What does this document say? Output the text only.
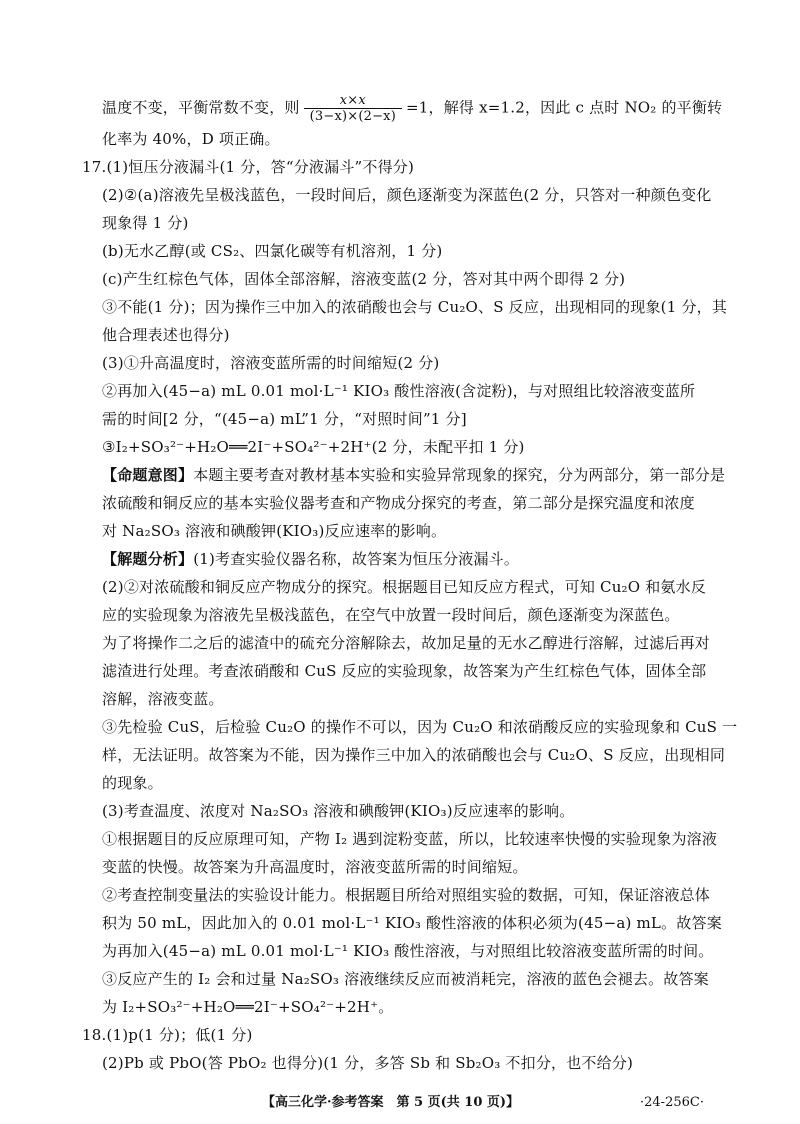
温度不变，平衡常数不变，则 $\frac{x\times x}{(3-x)\times(2-x)} =1$，解得 x=1.2，因此 c 点时 NO₂ 的平衡转
化率为 40%，D 项正确。
17.(1)恒压分液漏斗(1 分，答“分液漏斗”不得分)
(2)②(a)溶液先呈极浅蓝色，一段时间后，颜色逐渐变为深蓝色(2 分，只答对一种颜色变化
现象得 1 分)
(b)无水乙醇(或 CS₂、四氯化碳等有机溶剂，1 分)
(c)产生红棕色气体，固体全部溶解，溶液变蓝(2 分，答对其中两个即得 2 分)
③不能(1 分)；因为操作三中加入的浓硝酸也会与 Cu₂O、S 反应，出现相同的现象(1 分，其
他合理表述也得分)
(3)①升高温度时，溶液变蓝所需的时间缩短(2 分)
②再加入(45−a) mL 0.01 mol·L⁻¹ KIO₃ 酸性溶液(含淀粉)，与对照组比较溶液变蓝所
需的时间[2 分，“(45−a) mL”1 分，“对照时间”1 分]
③I₂+SO₃²⁻+H₂O══2I⁻+SO₄²⁻+2H⁺(2 分，未配平扣 1 分)
【命题意图】本题主要考查对教材基本实验和实验异常现象的探究，分为两部分，第一部分是
浓硫酸和铜反应的基本实验仪器考查和产物成分探究的考查，第二部分是探究温度和浓度
对 Na₂SO₃ 溶液和碘酸钾(KIO₃)反应速率的影响。
【解题分析】(1)考查实验仪器名称，故答案为恒压分液漏斗。
(2)②对浓硫酸和铜反应产物成分的探究。根据题目已知反应方程式，可知 Cu₂O 和氨水反
应的实验现象为溶液先呈极浅蓝色，在空气中放置一段时间后，颜色逐渐变为深蓝色。
为了将操作二之后的滤渣中的硫充分溶解除去，故加足量的无水乙醇进行溶解，过滤后再对
滤渣进行处理。考查浓硝酸和 CuS 反应的实验现象，故答案为产生红棕色气体，固体全部
溶解，溶液变蓝。
③先检验 CuS，后检验 Cu₂O 的操作不可以，因为 Cu₂O 和浓硝酸反应的实验现象和 CuS 一
样，无法证明。故答案为不能，因为操作三中加入的浓硝酸也会与 Cu₂O、S 反应，出现相同
的现象。
(3)考查温度、浓度对 Na₂SO₃ 溶液和碘酸钾(KIO₃)反应速率的影响。
①根据题目的反应原理可知，产物 I₂ 遇到淀粉变蓝，所以，比较速率快慢的实验现象为溶液
变蓝的快慢。故答案为升高温度时，溶液变蓝所需的时间缩短。
②考查控制变量法的实验设计能力。根据题目所给对照组实验的数据，可知，保证溶液总体
积为 50 mL，因此加入的 0.01 mol·L⁻¹ KIO₃ 酸性溶液的体积必须为(45−a) mL。故答案
为再加入(45−a) mL 0.01 mol·L⁻¹ KIO₃ 酸性溶液，与对照组比较溶液变蓝所需的时间。
③反应产生的 I₂ 会和过量 Na₂SO₃ 溶液继续反应而被消耗完，溶液的蓝色会褪去。故答案
为 I₂+SO₃²⁻+H₂O══2I⁻+SO₄²⁻+2H⁺。
18.(1)p(1 分)；低(1 分)
(2)Pb 或 PbO(答 PbO₂ 也得分)(1 分，多答 Sb 和 Sb₂O₃ 不扣分，也不给分)
【高三化学·参考答案　第 5 页(共 10 页)】	·24-256C·
